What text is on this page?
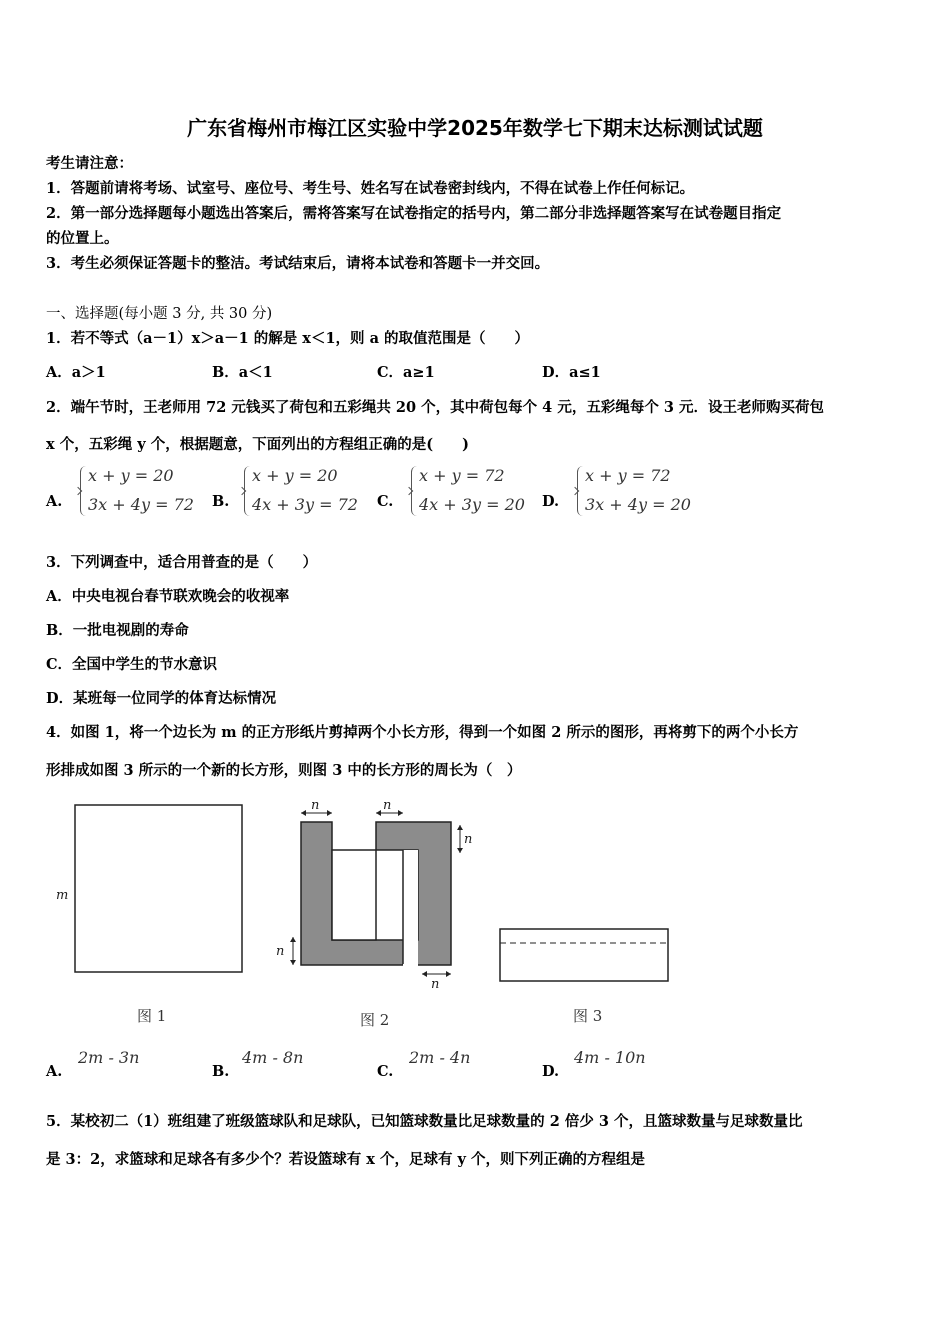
广东省梅州市梅江区实验中学2025年数学七下期末达标测试试题
考生请注意：
1．答题前请将考场、试室号、座位号、考生号、姓名写在试卷密封线内，不得在试卷上作任何标记。
2．第一部分选择题每小题选出答案后，需将答案写在试卷指定的括号内，第二部分非选择题答案写在试卷题目指定
的位置上。
3．考生必须保证答题卡的整洁。考试结束后，请将本试卷和答题卡一并交回。
一、选择题(每小题 3 分, 共 30 分)
1．若不等式（a－1）x＞a－1 的解是 x＜1，则 a 的取值范围是（　　）
A．a＞1	B．a＜1	C．a≥1	D．a≤1
2．端午节时，王老师用 72 元钱买了荷包和五彩绳共 20 个，其中荷包每个 4 元，五彩绳每个 3 元．设王老师购买荷包
x 个，五彩绳 y 个，根据题意，下面列出的方程组正确的是(　　)
A.
x + y = 20
3x + 4y = 72 B.
x + y = 20
4x + 3y = 72 C.
x + y = 72
4x + 3y = 20 D.
x + y = 72
3x + 4y = 20
3．下列调查中，适合用普查的是（　　）
A．中央电视台春节联欢晚会的收视率
B．一批电视剧的寿命
C．全国中学生的节水意识
D．某班每一位同学的体育达标情况
4．如图 1，将一个边长为 m 的正方形纸片剪掉两个小长方形，得到一个如图 2 所示的图形，再将剪下的两个小长方
形排成如图 3 所示的一个新的长方形，则图 3 中的长方形的周长为（　）
m
n	n
n
n
n
图 1	图 2	图 3
A.
2m - 3n
B.
4m - 8n
C.
2m - 4n
D.
4m - 10n
5．某校初二（1）班组建了班级篮球队和足球队，已知篮球数量比足球数量的 2 倍少 3 个，且篮球数量与足球数量比
是 3：2，求篮球和足球各有多少个？若设篮球有 x 个，足球有 y 个，则下列正确的方程组是
